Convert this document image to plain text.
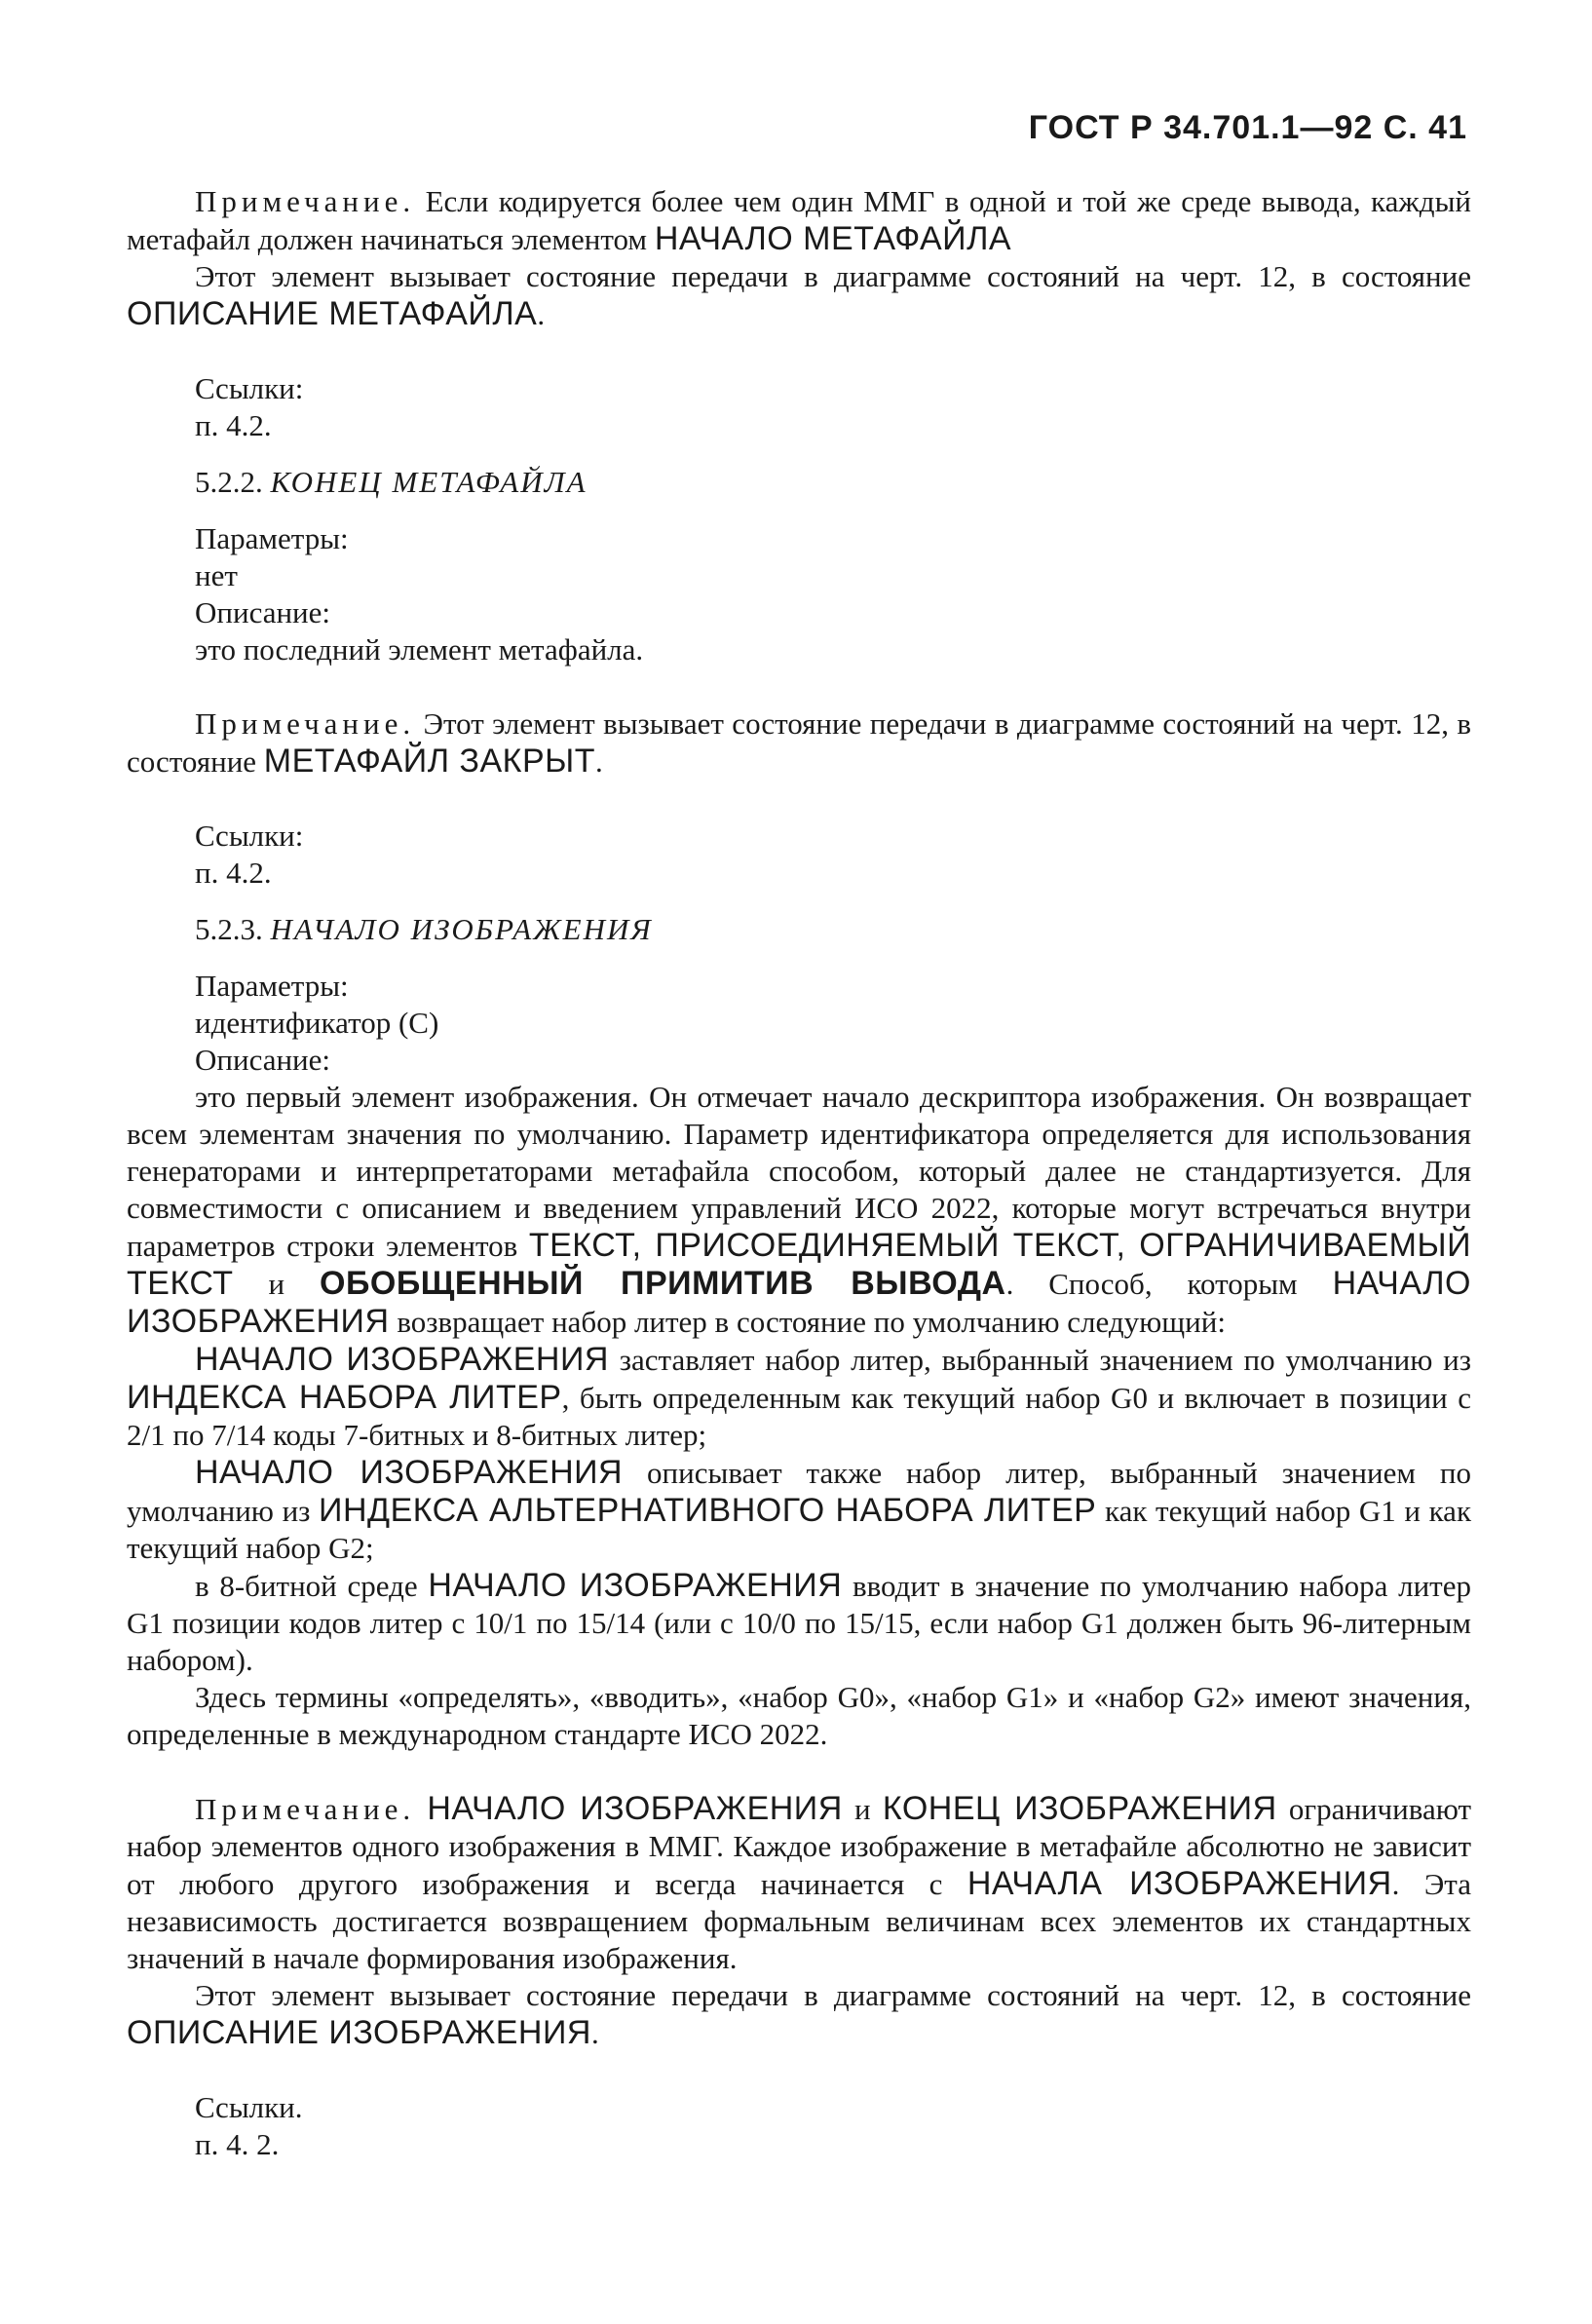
ГОСТ Р 34.701.1—92 С. 41

Примечание. Если кодируется более чем один ММГ в одной и той же среде вывода, каждый метафайл должен начинаться элементом НАЧАЛО МЕТАФАЙЛА

Этот элемент вызывает состояние передачи в диаграмме состояний на черт. 12, в состояние ОПИСАНИЕ МЕТАФАЙЛА.

Ссылки:

п. 4.2.

5.2.2. КОНЕЦ МЕТАФАЙЛА

Параметры:

нет

Описание:

это последний элемент метафайла.

Примечание. Этот элемент вызывает состояние передачи в диаграмме состояний на черт. 12, в состояние МЕТАФАЙЛ ЗАКРЫТ.

Ссылки:

п. 4.2.

5.2.3. НАЧАЛО ИЗОБРАЖЕНИЯ

Параметры:

идентификатор (С)

Описание:

это первый элемент изображения. Он отмечает начало дескриптора изображения. Он возвращает всем элементам значения по умолчанию. Параметр идентификатора определяется для использования генераторами и интерпретаторами метафайла способом, который далее не стандартизуется. Для совместимости с описанием и введением управлений ИСО 2022, которые могут встречаться внутри параметров строки элементов ТЕКСТ, ПРИСОЕДИНЯЕМЫЙ ТЕКСТ, ОГРАНИЧИВАЕМЫЙ ТЕКСТ и ОБОБЩЕННЫЙ ПРИМИТИВ ВЫВОДА. Способ, которым НАЧАЛО ИЗОБРАЖЕНИЯ возвращает набор литер в состояние по умолчанию следующий:

НАЧАЛО ИЗОБРАЖЕНИЯ заставляет набор литер, выбранный значением по умолчанию из ИНДЕКСА НАБОРА ЛИТЕР, быть определенным как текущий набор G0 и включает в позиции с 2/1 по 7/14 коды 7-битных и 8-битных литер;

НАЧАЛО ИЗОБРАЖЕНИЯ описывает также набор литер, выбранный значением по умолчанию из ИНДЕКСА АЛЬТЕРНАТИВНОГО НАБОРА ЛИТЕР как текущий набор G1 и как текущий набор G2;

в 8-битной среде НАЧАЛО ИЗОБРАЖЕНИЯ вводит в значение по умолчанию набора литер G1 позиции кодов литер с 10/1 по 15/14 (или с 10/0 по 15/15, если набор G1 должен быть 96-литерным набором).

Здесь термины «определять», «вводить», «набор G0», «набор G1» и «набор G2» имеют значения, определенные в международном стандарте ИСО 2022.

Примечание. НАЧАЛО ИЗОБРАЖЕНИЯ и КОНЕЦ ИЗОБРАЖЕНИЯ ограничивают набор элементов одного изображения в ММГ. Каждое изображение в метафайле абсолютно не зависит от любого другого изображения и всегда начинается с НАЧАЛА ИЗОБРАЖЕНИЯ. Эта независимость достигается возвращением формальным величинам всех элементов их стандартных значений в начале формирования изображения.

Этот элемент вызывает состояние передачи в диаграмме состояний на черт. 12, в состояние ОПИСАНИЕ ИЗОБРАЖЕНИЯ.

Ссылки.

п. 4. 2.
